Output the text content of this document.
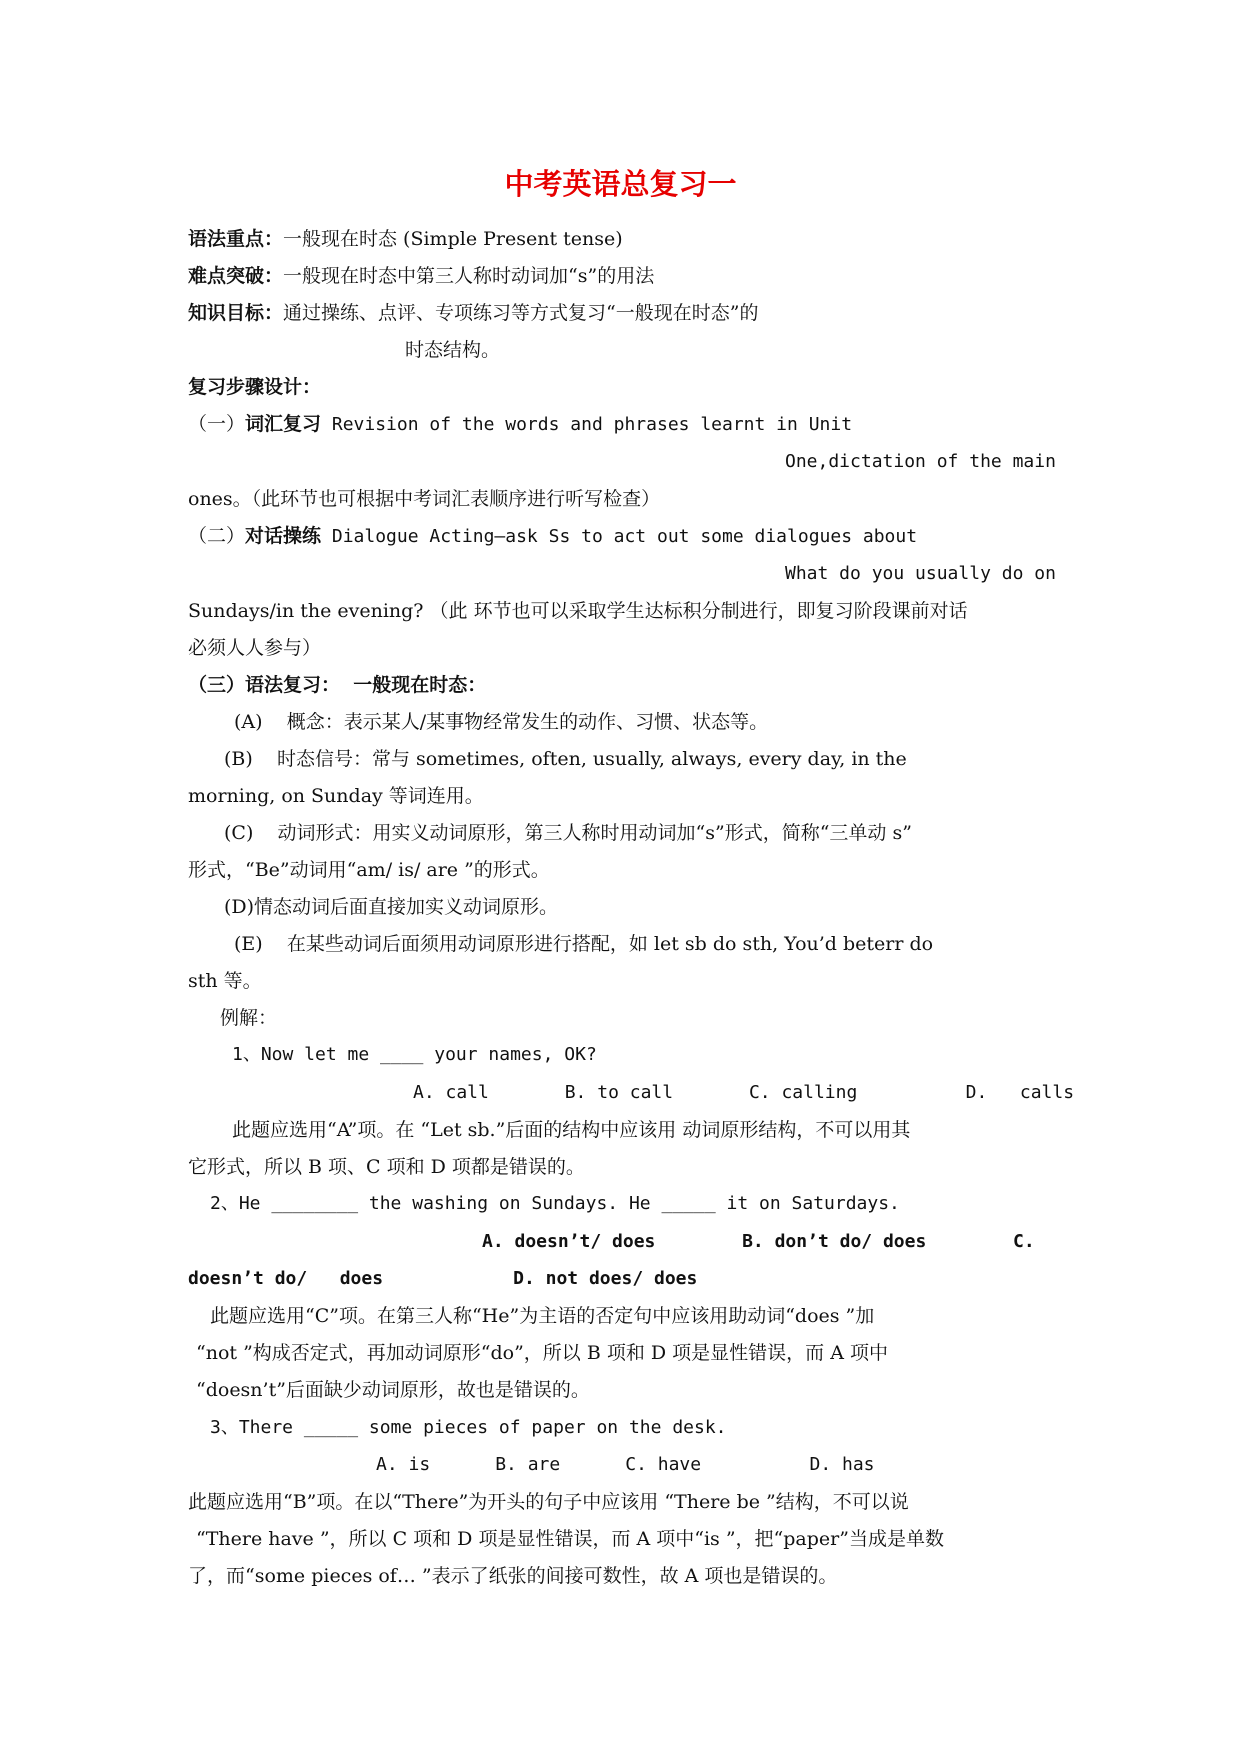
中考英语总复习一
语法重点：一般现在时态 (Simple Present tense)
难点突破：一般现在时态中第三人称时动词加“s”的用法
知识目标：通过操练、点评、专项练习等方式复习“一般现在时态”的
时态结构。
复习步骤设计：
（一）词汇复习 Revision of the words and phrases learnt in Unit
One,dictation of the main
ones。（此环节也可根据中考词汇表顺序进行听写检查）
（二）对话操练 Dialogue Acting—ask Ss to act out some dialogues about
What do you usually do on
Sundays/in the evening? （此 环节也可以采取学生达标积分制进行，即复习阶段课前对话
必须人人参与）
（三）语法复习：  一般现在时态：
(A)    概念：表示某人/某事物经常发生的动作、习惯、状态等。
(B)    时态信号：常与 sometimes, often, usually, always, every day, in the
morning, on Sunday 等词连用。
(C)    动词形式：用实义动词原形，第三人称时用动词加“s”形式，简称“三单动 s”
形式，“Be”动词用“am/ is/ are ”的形式。
(D)情态动词后面直接加实义动词原形。
(E)    在某些动词后面须用动词原形进行搭配，如 let sb do sth, You’d beterr do
sth 等。
例解：
1、Now let me ____ your names, OK?
A. call       B. to call       C. calling          D.   calls
此题应选用“A”项。在 “Let sb.”后面的结构中应该用 动词原形结构，不可以用其
它形式，所以 B 项、C 项和 D 项都是错误的。
2、He ________ the washing on Sundays. He _____ it on Saturdays.
A. doesn’t/ does        B. don’t do/ does        C.
doesn’t do/   does            D. not does/ does
此题应选用“C”项。在第三人称“He”为主语的否定句中应该用助动词“does ”加
“not ”构成否定式，再加动词原形“do”，所以 B 项和 D 项是显性错误，而 A 项中
“doesn’t”后面缺少动词原形，故也是错误的。
3、There _____ some pieces of paper on the desk.
A. is      B. are      C. have          D. has
此题应选用“B”项。在以“There”为开头的句子中应该用 “There be ”结构，不可以说
“There have ”，所以 C 项和 D 项是显性错误，而 A 项中“is ”，把“paper”当成是单数
了，而“some pieces of… ”表示了纸张的间接可数性，故 A 项也是错误的。
